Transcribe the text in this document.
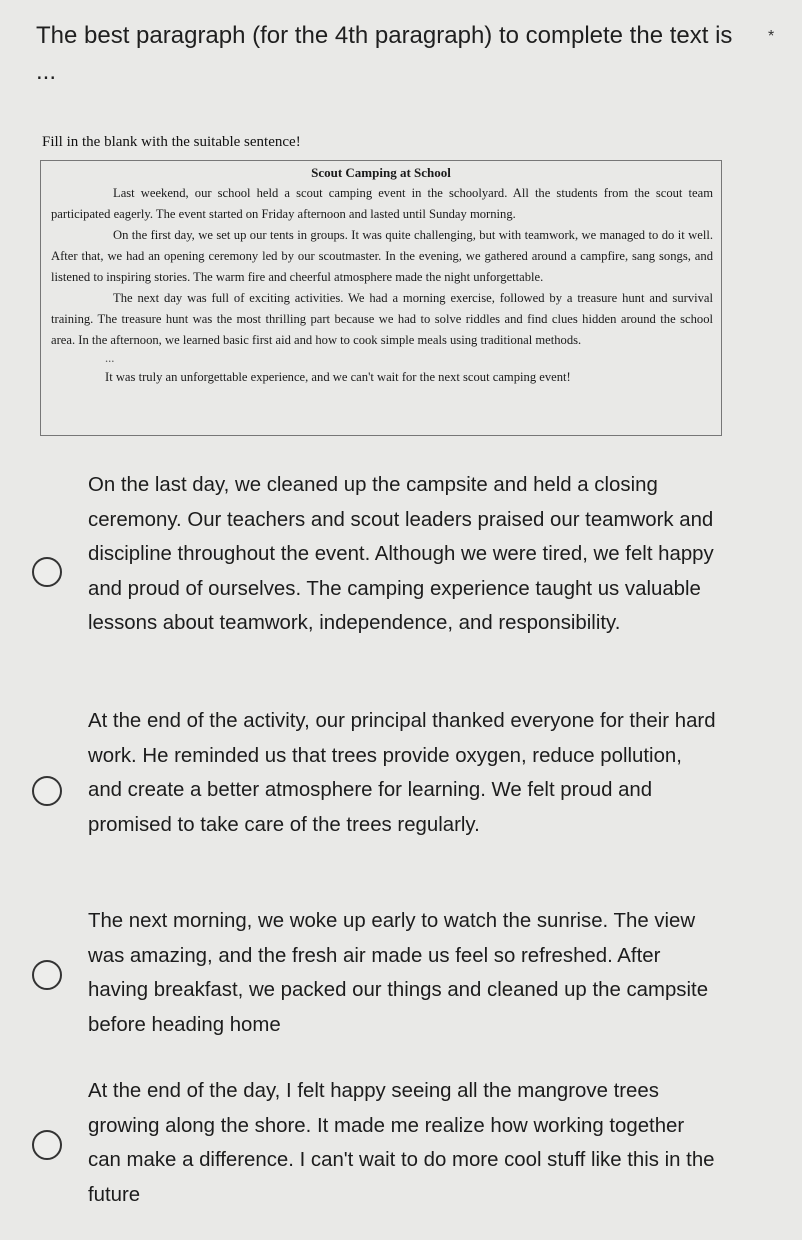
The best paragraph (for the 4th paragraph) to complete the text is ...
*
Fill in the blank with the suitable sentence!
Scout Camping at School

Last weekend, our school held a scout camping event in the schoolyard. All the students from the scout team participated eagerly. The event started on Friday afternoon and lasted until Sunday morning.

On the first day, we set up our tents in groups. It was quite challenging, but with teamwork, we managed to do it well. After that, we had an opening ceremony led by our scoutmaster. In the evening, we gathered around a campfire, sang songs, and listened to inspiring stories. The warm fire and cheerful atmosphere made the night unforgettable.

The next day was full of exciting activities. We had a morning exercise, followed by a treasure hunt and survival training. The treasure hunt was the most thrilling part because we had to solve riddles and find clues hidden around the school area. In the afternoon, we learned basic first aid and how to cook simple meals using traditional methods.

...
It was truly an unforgettable experience, and we can't wait for the next scout camping event!
On the last day, we cleaned up the campsite and held a closing ceremony. Our teachers and scout leaders praised our teamwork and discipline throughout the event. Although we were tired, we felt happy and proud of ourselves. The camping experience taught us valuable lessons about teamwork, independence, and responsibility.
At the end of the activity, our principal thanked everyone for their hard work. He reminded us that trees provide oxygen, reduce pollution, and create a better atmosphere for learning. We felt proud and promised to take care of the trees regularly.
The next morning, we woke up early to watch the sunrise. The view was amazing, and the fresh air made us feel so refreshed. After having breakfast, we packed our things and cleaned up the campsite before heading home
At the end of the day, I felt happy seeing all the mangrove trees growing along the shore. It made me realize how working together can make a difference. I can't wait to do more cool stuff like this in the future
